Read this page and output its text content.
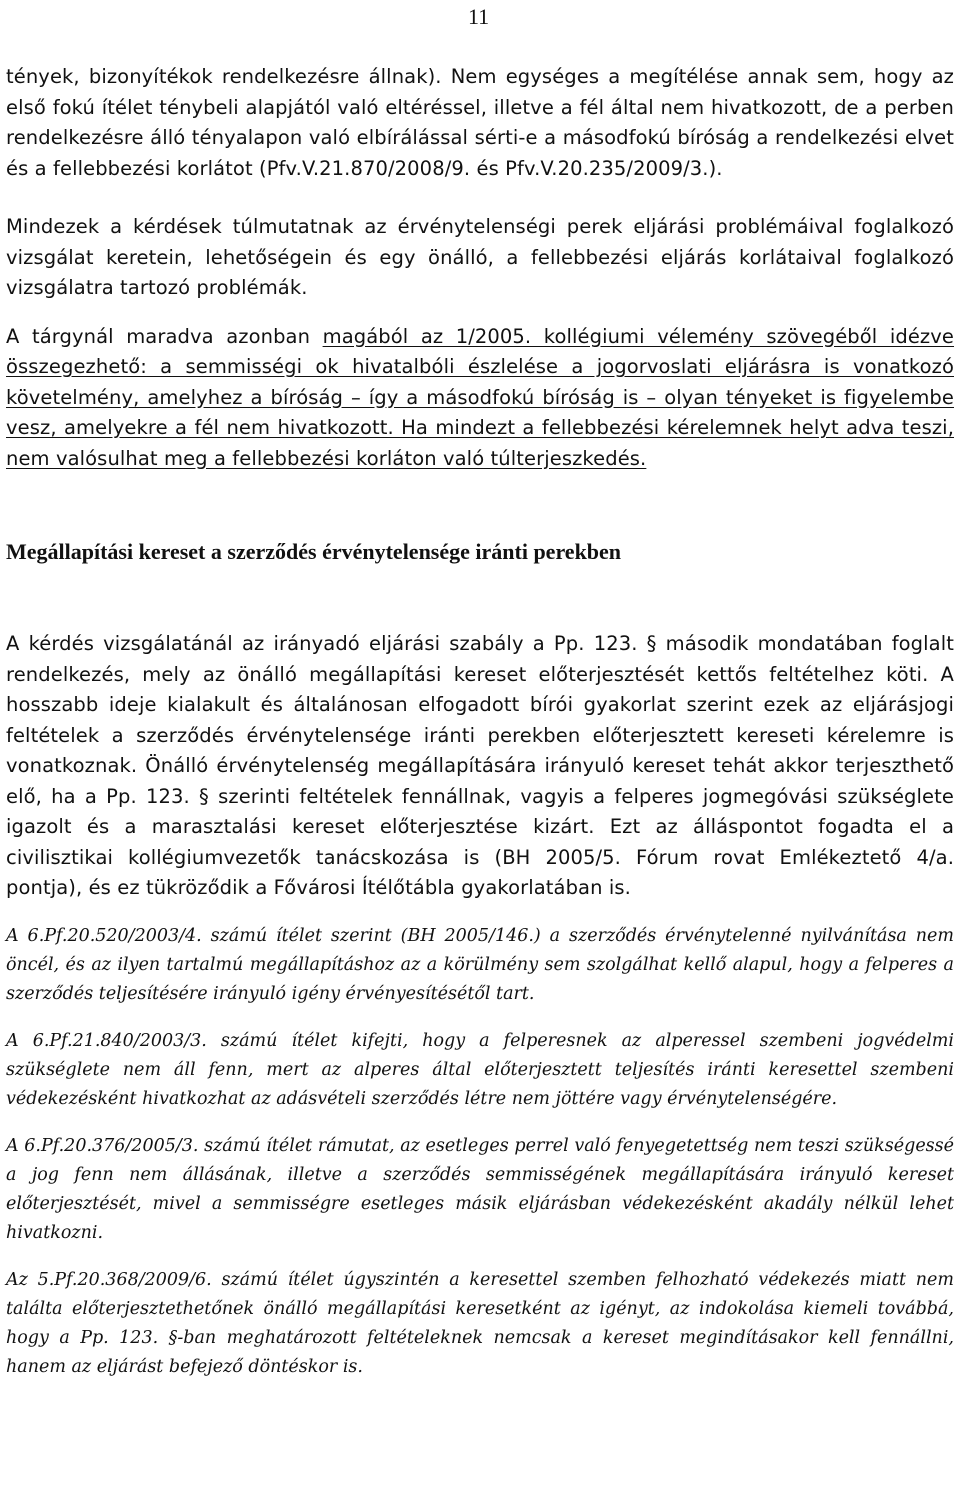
11

tények, bizonyítékok rendelkezésre állnak). Nem egységes a megítélése annak sem, hogy az első fokú ítélet ténybeli alapjától való eltéréssel, illetve a fél által nem hivatkozott, de a perben rendelkezésre álló tényalapon való elbírálással sérti-e a másodfokú bíróság a rendelkezési elvet és a fellebbezési korlátot (Pfv.V.21.870/2008/9. és Pfv.V.20.235/2009/3.).

Mindezek a kérdések túlmutatnak az érvénytelenségi perek eljárási problémáival foglalkozó vizsgálat keretein, lehetőségein és egy önálló, a fellebbezési eljárás korlátaival foglalkozó vizsgálatra tartozó problémák.

A tárgynál maradva azonban magából az 1/2005. kollégiumi vélemény szövegéből idézve összegezhető: a semmisségi ok hivatalbóli észlelése a jogorvoslati eljárásra is vonatkozó követelmény, amelyhez a bíróság – így a másodfokú bíróság is – olyan tényeket is figyelembe vesz, amelyekre a fél nem hivatkozott. Ha mindezt a fellebbezési kérelemnek helyt adva teszi, nem valósulhat meg a fellebbezési korláton való túlterjeszkedés.

Megállapítási kereset a szerződés érvénytelensége iránti perekben

A kérdés vizsgálatánál az irányadó eljárási szabály a Pp. 123. § második mondatában foglalt rendelkezés, mely az önálló megállapítási kereset előterjesztését kettős feltételhez köti. A hosszabb ideje kialakult és általánosan elfogadott bírói gyakorlat szerint ezek az eljárásjogi feltételek a szerződés érvénytelensége iránti perekben előterjesztett kereseti kérelemre is vonatkoznak. Önálló érvénytelenség megállapítására irányuló kereset tehát akkor terjeszthető elő, ha a Pp. 123. § szerinti feltételek fennállnak, vagyis a felperes jogmegóvási szükséglete igazolt és a marasztalási kereset előterjesztése kizárt. Ezt az álláspontot fogadta el a civilisztikai kollégiumvezetők tanácskozása is (BH 2005/5. Fórum rovat Emlékeztető 4/a. pontja), és ez tükröződik a Fővárosi Ítélőtábla gyakorlatában is.

A 6.Pf.20.520/2003/4. számú ítélet szerint (BH 2005/146.) a szerződés érvénytelenné nyilvánítása nem öncél, és az ilyen tartalmú megállapításhoz az a körülmény sem szolgálhat kellő alapul, hogy a felperes a szerződés teljesítésére irányuló igény érvényesítésétől tart.

A 6.Pf.21.840/2003/3. számú ítélet kifejti, hogy a felperesnek az alperessel szembeni jogvédelmi szükséglete nem áll fenn, mert az alperes által előterjesztett teljesítés iránti keresettel szembeni védekezésként hivatkozhat az adásvételi szerződés létre nem jöttére vagy érvénytelenségére.

A 6.Pf.20.376/2005/3. számú ítélet rámutat, az esetleges perrel való fenyegetettség nem teszi szükségessé a jog fenn nem állásának, illetve a szerződés semmisségének megállapítására irányuló kereset előterjesztését, mivel a semmisségre esetleges másik eljárásban védekezésként akadály nélkül lehet hivatkozni.

Az 5.Pf.20.368/2009/6. számú ítélet úgyszintén a keresettel szemben felhozható védekezés miatt nem találta előterjesztethetőnek önálló megállapítási keresetként az igényt, az indokolása kiemeli továbbá, hogy a Pp. 123. §-ban meghatározott feltételeknek nemcsak a kereset megindításakor kell fennállni, hanem az eljárást befejező döntéskor is.
